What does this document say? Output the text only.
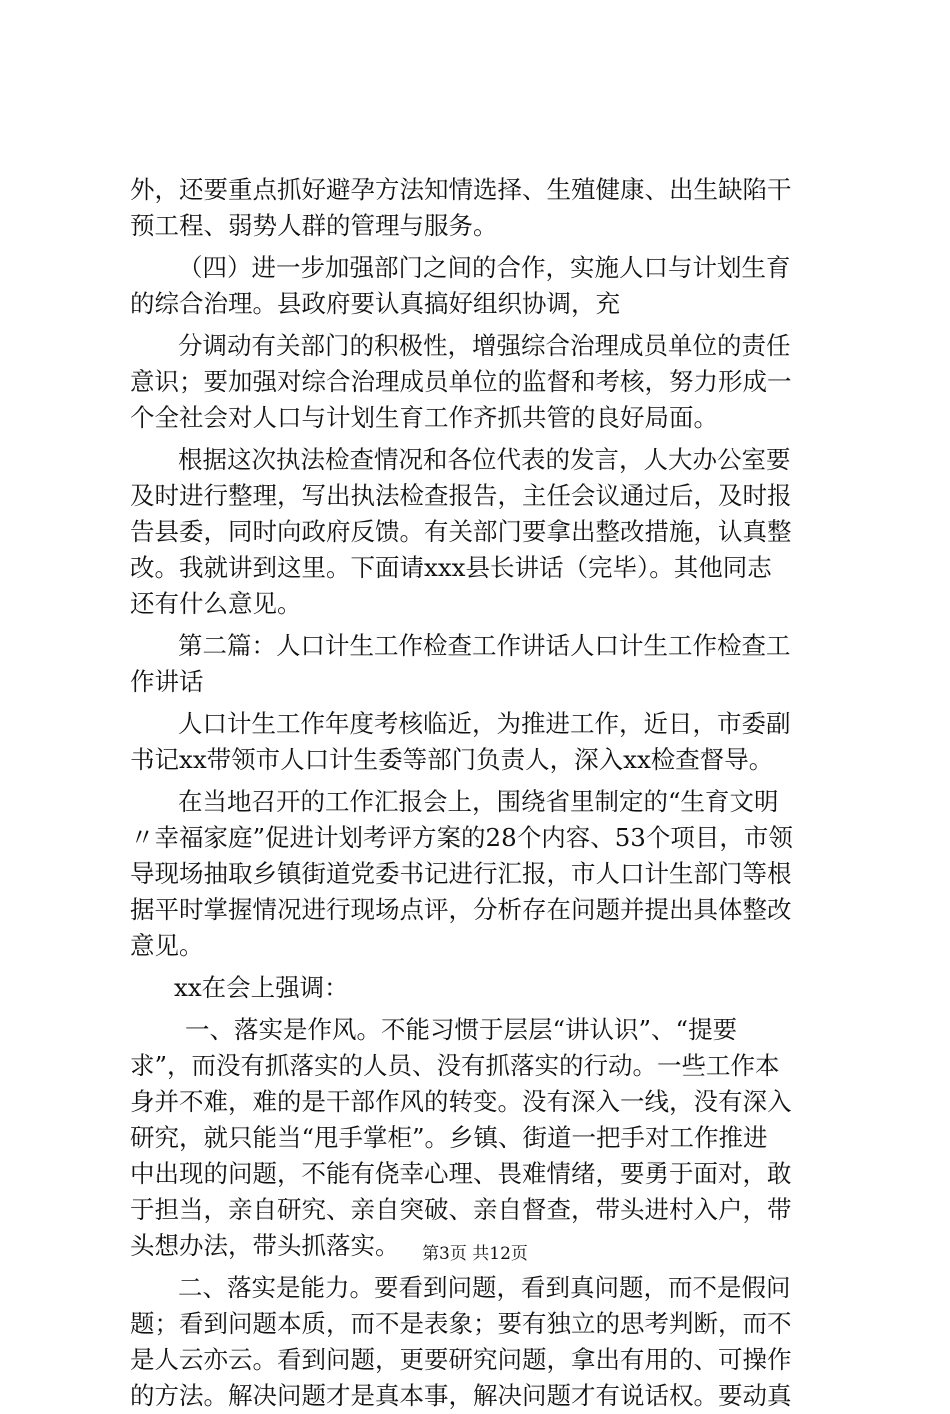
外，还要重点抓好避孕方法知情选择、生殖健康、出生缺陷干
预工程、弱势人群的管理与服务。
（四）进一步加强部门之间的合作，实施人口与计划生育
的综合治理。县政府要认真搞好组织协调，充
分调动有关部门的积极性，增强综合治理成员单位的责任
意识；要加强对综合治理成员单位的监督和考核，努力形成一
个全社会对人口与计划生育工作齐抓共管的良好局面。
根据这次执法检查情况和各位代表的发言，人大办公室要
及时进行整理，写出执法检查报告，主任会议通过后，及时报
告县委，同时向政府反馈。有关部门要拿出整改措施，认真整
改。我就讲到这里。下面请xxx县长讲话（完毕）。其他同志
还有什么意见。
第二篇：人口计生工作检查工作讲话人口计生工作检查工
作讲话
人口计生工作年度考核临近，为推进工作，近日，市委副
书记xx带领市人口计生委等部门负责人，深入xx检查督导。
在当地召开的工作汇报会上，围绕省里制定的“生育文明
〃幸福家庭”促进计划考评方案的28个内容、53个项目，市领
导现场抽取乡镇街道党委书记进行汇报，市人口计生部门等根
据平时掌握情况进行现场点评，分析存在问题并提出具体整改
意见。
xx在会上强调：
一、落实是作风。不能习惯于层层“讲认识”、“提要
求”，而没有抓落实的人员、没有抓落实的行动。一些工作本
身并不难，难的是干部作风的转变。没有深入一线，没有深入
研究，就只能当“甩手掌柜”。乡镇、街道一把手对工作推进
中出现的问题，不能有侥幸心理、畏难情绪，要勇于面对，敢
于担当，亲自研究、亲自突破、亲自督查，带头进村入户，带
头想办法，带头抓落实。
二、落实是能力。要看到问题，看到真问题，而不是假问
题；看到问题本质，而不是表象；要有独立的思考判断，而不
是人云亦云。看到问题，更要研究问题，拿出有用的、可操作
的方法。解决问题才是真本事，解决问题才有说话权。要动真
第3页 共12页
